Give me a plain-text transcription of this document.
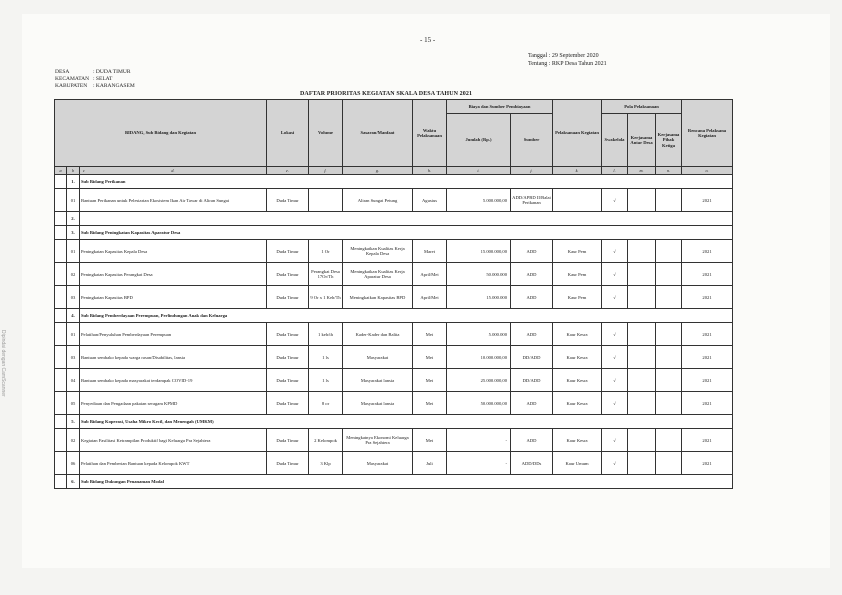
- 15 -
Tanggal : 29 September 2020
Tentang : RKP Desa Tahun 2021
DESA	: DUDA TIMUR
KECAMATAN : SELAT
KABUPATEN : KARANGASEM
DAFTAR PRIORITAS KEGIATAN SKALA DESA TAHUN 2021
Dipindai dengan CamScanner
BIDANG, Sub Bidang dan Kegiatan			Lokasi	Volume	Sasaran/Manfaat	Waktu Pelaksanaan	Biaya dan Sumber Pembiayaan		Pelaksanaan Kegiatan	Pola Pelaksanaan			Rencana Pelaksana Kegiatan
							Jumlah (Rp.)	Sumber		Swakelola	Kerjasama Antar Desa	Kerjasama Pihak Ketiga	
a	b	c d.	e.	f.	g.	h.	i.	j.	k.	l.	m.	n.	o.
	1.	Sub Bidang Perikanan											
	01	Bantuan Perikanan untuk Pelestarian Ekosistem Ikan Air Tawar di Aliran Sungai	Duda Timur		Aliran Sungai Petung	Agustus	5.000.000,00	ADD/APBD II/Balai Perikanan		√			2021
	2.												
	3.	Sub Bidang Peningkatan Kapasitas Aparatur Desa											
	01	Peningkatan Kapasitas Kepala Desa	Duda Timur	1 Or	Meningkatkan Kualitas Kerja Kepala Desa	Maret	15.000.000,00	ADD	Kaur Pem	√			2021
	02	Peningkatan Kapasitas Perangkat Desa	Duda Timur	Perangkat Desa 17Or/Th	Meningkatkan Kualitas Kerja Aparatur Desa	April/Mei	50.000.000	ADD	Kaur Pem	√			2021
	03	Peningkatan Kapasitas BPD	Duda Timur	9 Or x 1 Keh/Th	Meningkatkan Kapasitas BPD	April/Mei	15.000.000	ADD	Kaur Pem	√			2021
	4.	Sub Bidang Pemberdayaan Perempuan, Perlindungan Anak dan Keluarga											
	01	Pelatihan/Penyuluhan Pemberdayaan Perempuan	Duda Timur	1 keh/th	Kader-Kader dan Balita	Mei	5.000.000	ADD	Kaur Kesra	√			2021
	03	Bantuan sembako kepada warga rasan/Disabilitas, lansia	Duda Timur	1 ls	Masyarakat	Mei	10.000.000,00	DD/ADD	Kaur Kesra	√			2021
	04	Bantuan sembako kepada masyarakat terdampak COVID-19	Duda Timur	1 ls	Masyarakat lansia	Mei	25.000.000,00	DD/ADD	Kaur Kesra	√			2021
	05	Penyediaan dan Pengadaan pakaian seragam KPMD	Duda Timur	8 or	Masyarakat lansia	Mei	50.000.000,00	ADD	Kaur Kesra	√			2021
	5.	Sub Bidang Koperasi, Usaha Mikro Kecil, dan Menengah (UMKM)											
	02	Kegiatan Fasilitasi Ketrampilan Produktif bagi Keluarga Pra Sejahtera	Duda Timur	2 Kelompok	Meningkatnya Ekonomi Keluarga Pra Sejahtera	Mei	-	ADD	Kaur Kesra	√			2021
	06	Pelatihan dan Pemberian Bantuan kepada Kelompok KWT	Duda Timur	3 Klp	Masyarakat	Juli	-	ADD/DDs	Kaur Umum	√			2021
	6.	Sub Bidang Dukungan Penanaman Modal											
